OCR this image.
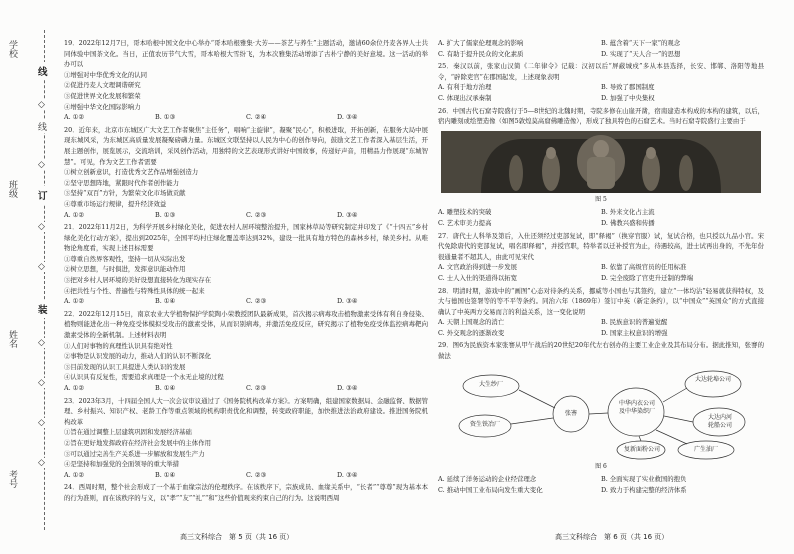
学校
班级
姓名
考号
线
◇
线
◇
订
◇
◇
装
◇
◇
◇
◇
19．2022年12月7日，哥本哈根中国文化中心举办“哥本哈根雅集·大芳——茶艺与养生”主题活动，邀请60余位丹麦各界人士共同体验中国茶文化。当日，正值农历节气大雪，哥本哈根大雪纷飞，为本次雅集活动增添了古朴宁静的美好意境。这一活动的举办可以
①增强对中华优秀文化的认同
②促进丹麦人文理调谐研究
③促进世界文化发展和繁荣
④增强中华文化国际影响力
A. ①②	B. ①③	C. ②④	D. ③④
20．近年来，北京市东城区广大文艺工作者聚焦“主任务”，唱响“主旋律”，凝聚“民心”，积极进取，开拓创新，在服务大局中展现东城风采，为东城区高质量发展凝聚磅礴力量。东城区文联坚持以人民为中心的创作导向，鼓励文艺工作者深入基层生活，开展主题创作，展览展示，交流培训，采风创作活动，用独特的文艺表现形式讲好中国故事，传递好声音，用精品力作展现“东城智慧”。可见，作为文艺工作者需要
①树立创新意识，打造优秀文艺作品增强创造力
②坚守思想阵地，紧跟时代作者创作能力
③坚持“双百”方针，为繁荣文化市场做贡献
④尊重市场运行规律，提升经济效益
A. ①②	B. ①③	C. ②③	D. ③④
21．2022年11月2日，为科学开展乡村绿化美化，促进农村人居环境整治提升，国家林草局等研究制定并印发了《“十四五”乡村绿化美化行动方案》，提出到2025年，全国平均村庄绿化覆盖率达到32%，建设一批具有地方特色的森林乡村，绿美乡村。从唯物论角度看，实现上述目标需要
①尊重自然界客观性，坚持一切从实际出发
②树立思想，与时俱进，发挥意识能动作用
③把对乡村人居环境的美好设想直接转化为现实存在
④把共性与个性、普遍性与特殊性具体的统一起来
A. ①②	B. ①④	C. ②③	D. ③④
22．2022年12月15日，南京农业大学植物保护学院陶小荣教授团队最新成果，首次揭示病毒攻击植物激素受体有利自身侵染、植物则能进化出一种免疫受体模拟受攻击的激素受体，从而识别病毒，并激活免疫反应，研究揭示了植物免疫受体监控病毒靶向激素受体的全新机制。上述材料表明
①人们对事物的真理性认识具有绝对性
②事物是认识发展的动力，推动人们的认识不断深化
③目前发现的认识工具提进人类认识的发展
④认识具有反复性，需要追求真理是一个永无止境的过程
A. ①②	B. ①④	C. ②③	D. ③④
23．2023年3月，十四届全国人大一次会议审议通过了《国务院机构改革方案》。方案明确，组建国家数据局、金融监督、数据管理、乡村振兴、知识产权、老龄工作等重点领域的机构职责优化和调整，转变政府职能，加快推进法治政府建设。推进国务院机构改革
①旨在通过调整上层建筑巩固和发展经济基础
②旨在更好地发挥政府在经济社会发展中的主体作用
③可以通过完善生产关系进一步解放和发展生产力
④是坚持和加强党的全面领导的重大举措
A. ①②	B. ①④	C. ②③	D. ③④
24．西周时期，整个社会形成了一个基于血缘宗法的伦理秩序。在该秩序下，宗族成员、血缘关系中，“长者”“尊尊”现为基本本的行为准则，而在该秩序的与义，以“孝”“友”“礼”“和”这些价值观来约束自己的行为。这说明西周
A. 扩大了儒家伦理观念的影响	B. 蕴含着“天下一家”的观念
C. 有助于提升民众的文化素质	D. 实现了“天人合一”的思想
25．秦汉以前，张家山汉简《二年律令》记载：汉初以后“屏蔽城戍”多从本县选择，长安、邯郸、洛阳等地县令，“辟除吏官”在郡国起发，上述现象表明
A. 有利于地方治理	B. 导致了郡国制度
C. 体现出汉承秦制	D. 加强了中央集权
26．中国古代石窟寺院盛行于5—8世纪的北魏时期，寺院多修在山崖开凿，宿南建造本构成的本构的建筑，以后，宿内雕刻或绘塑造像（如图5敦煌莫高窟佛雕造像），形成了独具特色的石窟艺术。当时石窟寺院盛行主要由于
图 5
A. 雕塑技术的突破	B. 外来文化占主流
C. 艺术审美力提高	D. 佛教兴盛和传播
27．唐代士人科举及第后，入仕还须经过吏部复试，即“释褐”（换穿官服）试，复试合格，也只授以九品小官。宋代免除唐代的吏部复试，唱名即释褐”，并授官职，特举者以迁补授官为止，待遇较高，进士试再出身的，不先年份很通量者不超其人，由此可见宋代
A. 文官政治得到进一步发展	B. 依靠了高级官员的任用标准
C. 士人入仕的渠道得以拓宽	D. 完全废除了官吏升迁制的弊端
28．明清时期，游戏中的“画图”心态对待条约关系，挪威等小国也与其签约，建立“一体均沾”轻易就获得特权，及大与德国也签署等的等不平等条约。同治六年（1869年）签订中英（新定条约），以“中国众”“英国众”的方式直接确认了中英两方交易而言的利益关系，这一变化说明
A. 天朝上国观念的消亡	B. 民族意识的普遍觉醒
C. 外交观念的逐渐改变	D. 国家主权意识的增强
29．图6为民族资本家张謇从甲午战后的20世纪20年代左右创办的主要工业企业及其布局分布。据此推知，张謇的做法
张謇
大生纱厂
资生铁冶厂
中华内衣公司
及中华染织厂
大达轮埠公司
大达内河
轮船公司
复新面粉公司	广生油厂
图 6
A. 延续了洋务运动的企业经营理念	B. 全面实现了实业救国的抱负
C. 推动中国工业布局向发生重大变化	D. 致力于构建完整的经济体系
高三文科综合　第 5 页（共 16 页）	高三文科综合　第 6 页（共 16 页）
